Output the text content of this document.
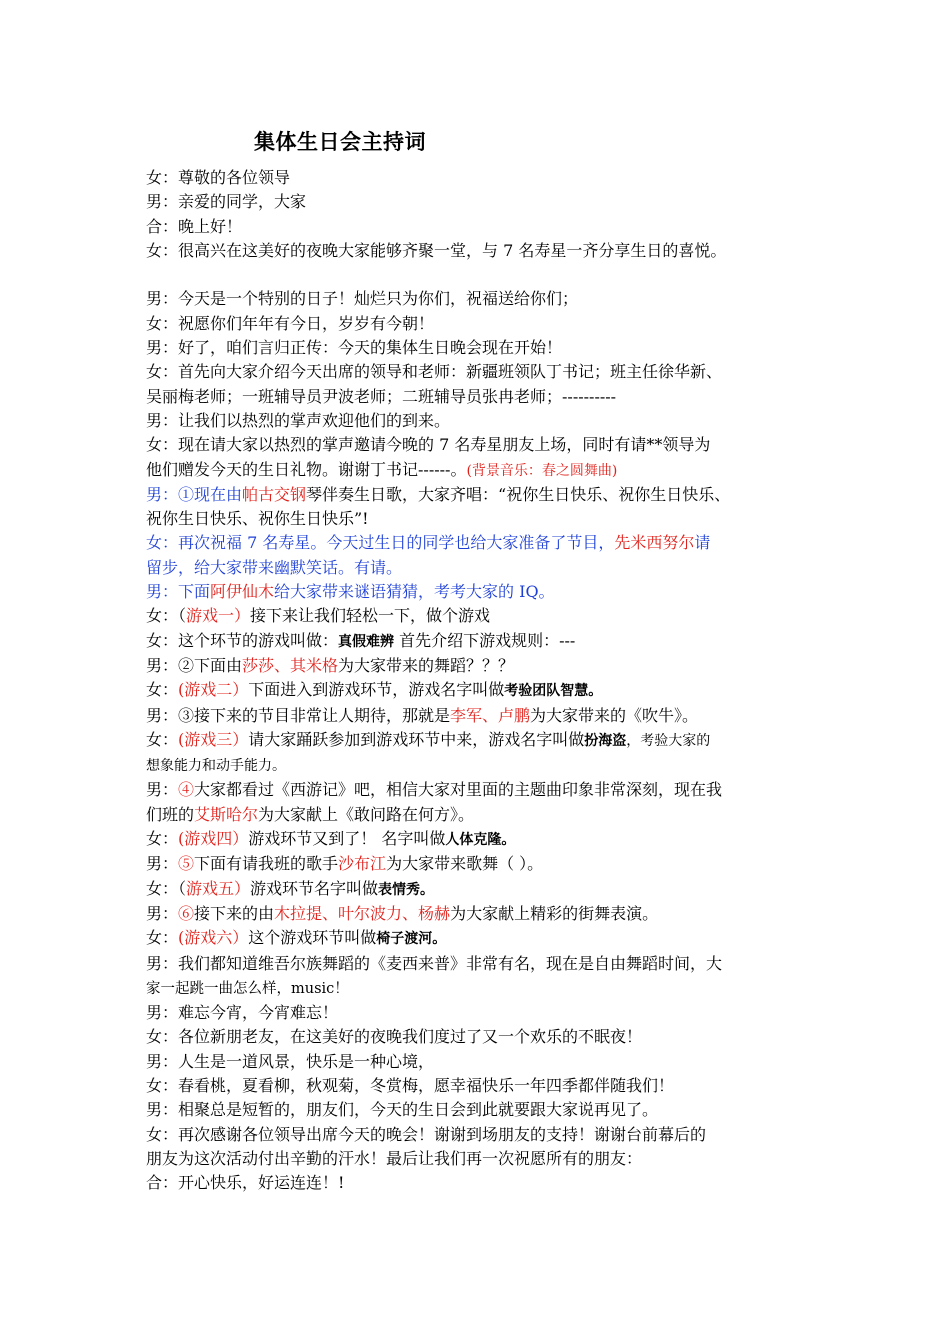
集体生日会主持词
女：尊敬的各位领导
男：亲爱的同学，大家
合：晚上好！
女：很高兴在这美好的夜晚大家能够齐聚一堂，与 7 名寿星一齐分享生日的喜悦。
男：今天是一个特别的日子！灿烂只为你们，祝福送给你们；
女：祝愿你们年年有今日，岁岁有今朝！
男：好了，咱们言归正传：今天的集体生日晚会现在开始！
女：首先向大家介绍今天出席的领导和老师：新疆班领队丁书记；班主任徐华新、
吴丽梅老师；一班辅导员尹波老师；二班辅导员张冉老师；----------
男：让我们以热烈的掌声欢迎他们的到来。
女：现在请大家以热烈的掌声邀请今晚的 7 名寿星朋友上场，同时有请**领导为
他们赠发今天的生日礼物。谢谢丁书记------。(背景音乐：春之圆舞曲)
男：①现在由帕古交钢琴伴奏生日歌，大家齐唱：“祝你生日快乐、祝你生日快乐、
祝你生日快乐、祝你生日快乐”!
女：再次祝福 7 名寿星。今天过生日的同学也给大家准备了节目，先米西努尔请
留步，给大家带来幽默笑话。有请。
男：下面阿伊仙木给大家带来谜语猜猜，考考大家的 IQ。
女：（游戏一）接下来让我们轻松一下，做个游戏
女：这个环节的游戏叫做：真假难辨 首先介绍下游戏规则：---
男：②下面由莎莎、其米格为大家带来的舞蹈？？？
女：(游戏二）下面进入到游戏环节，游戏名字叫做考验团队智慧。
男：③接下来的节目非常让人期待，那就是李军、卢鹏为大家带来的《吹牛》。
女：(游戏三）请大家踊跃参加到游戏环节中来，游戏名字叫做扮海盗，考验大家的
想象能力和动手能力。
男：④大家都看过《西游记》吧，相信大家对里面的主题曲印象非常深刻，现在我
们班的艾斯哈尔为大家献上《敢问路在何方》。
女：(游戏四）游戏环节又到了！ 名字叫做人体克隆。
男：⑤下面有请我班的歌手沙布江为大家带来歌舞（ ）。
女：（游戏五）游戏环节名字叫做表情秀。
男：⑥接下来的由木拉提、叶尔波力、杨赫为大家献上精彩的街舞表演。
女：(游戏六）这个游戏环节叫做椅子渡河。
男：我们都知道维吾尔族舞蹈的《麦西来普》非常有名，现在是自由舞蹈时间，大
家一起跳一曲怎么样，music！
男：难忘今宵，今宵难忘！
女：各位新朋老友，在这美好的夜晚我们度过了又一个欢乐的不眠夜！
男：人生是一道风景，快乐是一种心境，
女：春看桃，夏看柳，秋观菊，冬赏梅，愿幸福快乐一年四季都伴随我们！
男：相聚总是短暂的，朋友们，今天的生日会到此就要跟大家说再见了。
女：再次感谢各位领导出席今天的晚会！谢谢到场朋友的支持！谢谢台前幕后的
朋友为这次活动付出辛勤的汗水！最后让我们再一次祝愿所有的朋友：
合：开心快乐，好运连连！!
